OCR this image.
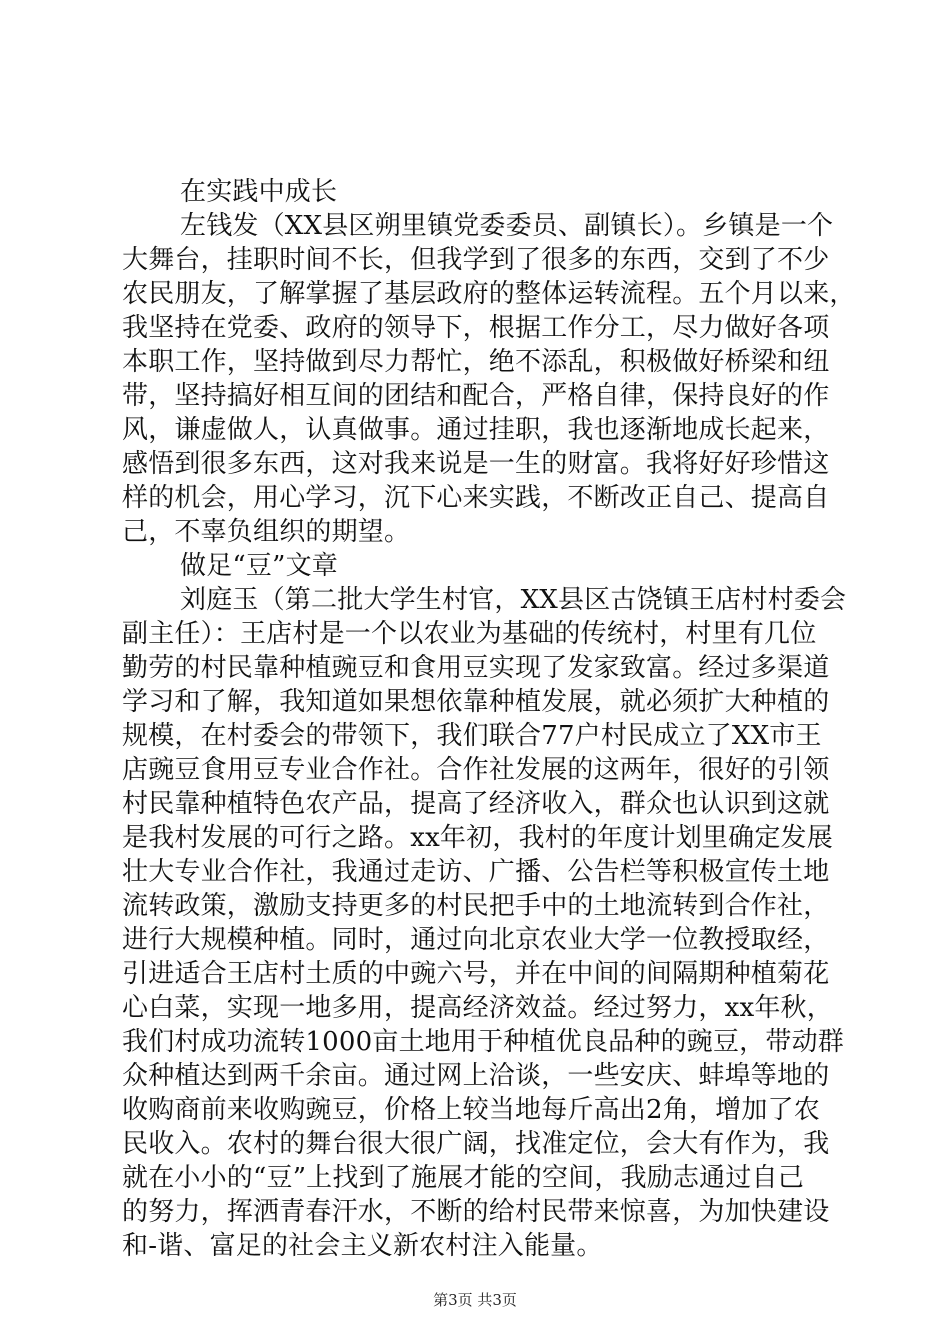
在实践中成长
左钱发（XX县区朔里镇党委委员、副镇长）。乡镇是一个
大舞台，挂职时间不长，但我学到了很多的东西，交到了不少
农民朋友，了解掌握了基层政府的整体运转流程。五个月以来，
我坚持在党委、政府的领导下，根据工作分工，尽力做好各项
本职工作，坚持做到尽力帮忙，绝不添乱，积极做好桥梁和纽
带，坚持搞好相互间的团结和配合，严格自律，保持良好的作
风，谦虚做人，认真做事。通过挂职，我也逐渐地成长起来，
感悟到很多东西，这对我来说是一生的财富。我将好好珍惜这
样的机会，用心学习，沉下心来实践，不断改正自己、提高自
己，不辜负组织的期望。
做足“豆”文章
刘庭玉（第二批大学生村官，XX县区古饶镇王店村村委会
副主任）：王店村是一个以农业为基础的传统村，村里有几位
勤劳的村民靠种植豌豆和食用豆实现了发家致富。经过多渠道
学习和了解，我知道如果想依靠种植发展，就必须扩大种植的
规模，在村委会的带领下，我们联合77户村民成立了XX市王
店豌豆食用豆专业合作社。合作社发展的这两年，很好的引领
村民靠种植特色农产品，提高了经济收入，群众也认识到这就
是我村发展的可行之路。xx年初，我村的年度计划里确定发展
壮大专业合作社，我通过走访、广播、公告栏等积极宣传土地
流转政策，激励支持更多的村民把手中的土地流转到合作社，
进行大规模种植。同时，通过向北京农业大学一位教授取经，
引进适合王店村土质的中豌六号，并在中间的间隔期种植菊花
心白菜，实现一地多用，提高经济效益。经过努力，xx年秋，
我们村成功流转1000亩土地用于种植优良品种的豌豆，带动群
众种植达到两千余亩。通过网上洽谈，一些安庆、蚌埠等地的
收购商前来收购豌豆，价格上较当地每斤高出2角，增加了农
民收入。农村的舞台很大很广阔，找准定位，会大有作为，我
就在小小的“豆”上找到了施展才能的空间，我励志通过自己
的努力，挥洒青春汗水，不断的给村民带来惊喜，为加快建设
和-谐、富足的社会主义新农村注入能量。
第3页 共3页
